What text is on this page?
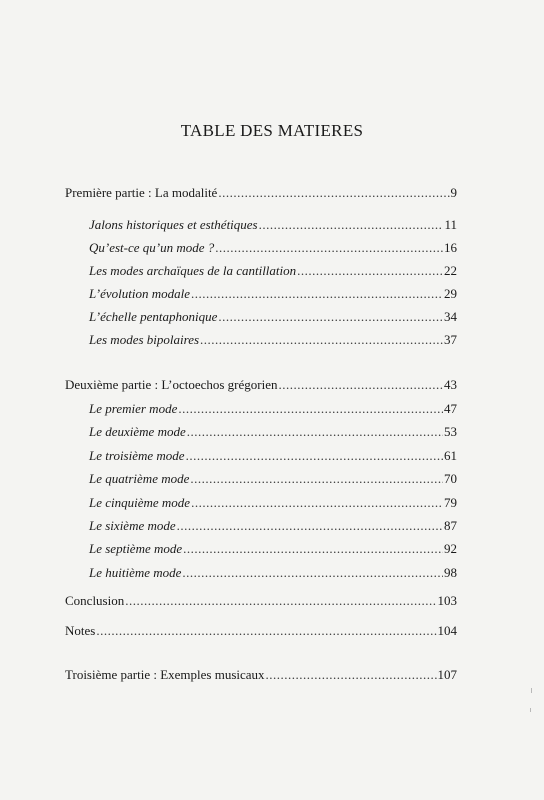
TABLE DES MATIERES
Première partie : La modalité .....	9
Jalons historiques et esthétiques .....	11
Qu’est-ce qu’un mode ? .....	16
Les modes archaïques de la cantillation .....	22
L’évolution modale .....	29
L’échelle pentaphonique .....	34
Les modes bipolaires .....	37
Deuxième partie : L’octoechos grégorien .....	43
Le premier mode .....	47
Le deuxième mode .....	53
Le troisième mode .....	61
Le quatrième mode .....	70
Le cinquième mode .....	79
Le sixième mode .....	87
Le septième mode .....	92
Le huitième mode .....	98
Conclusion .....	103
Notes .....	104
Troisième partie : Exemples musicaux .....	107
